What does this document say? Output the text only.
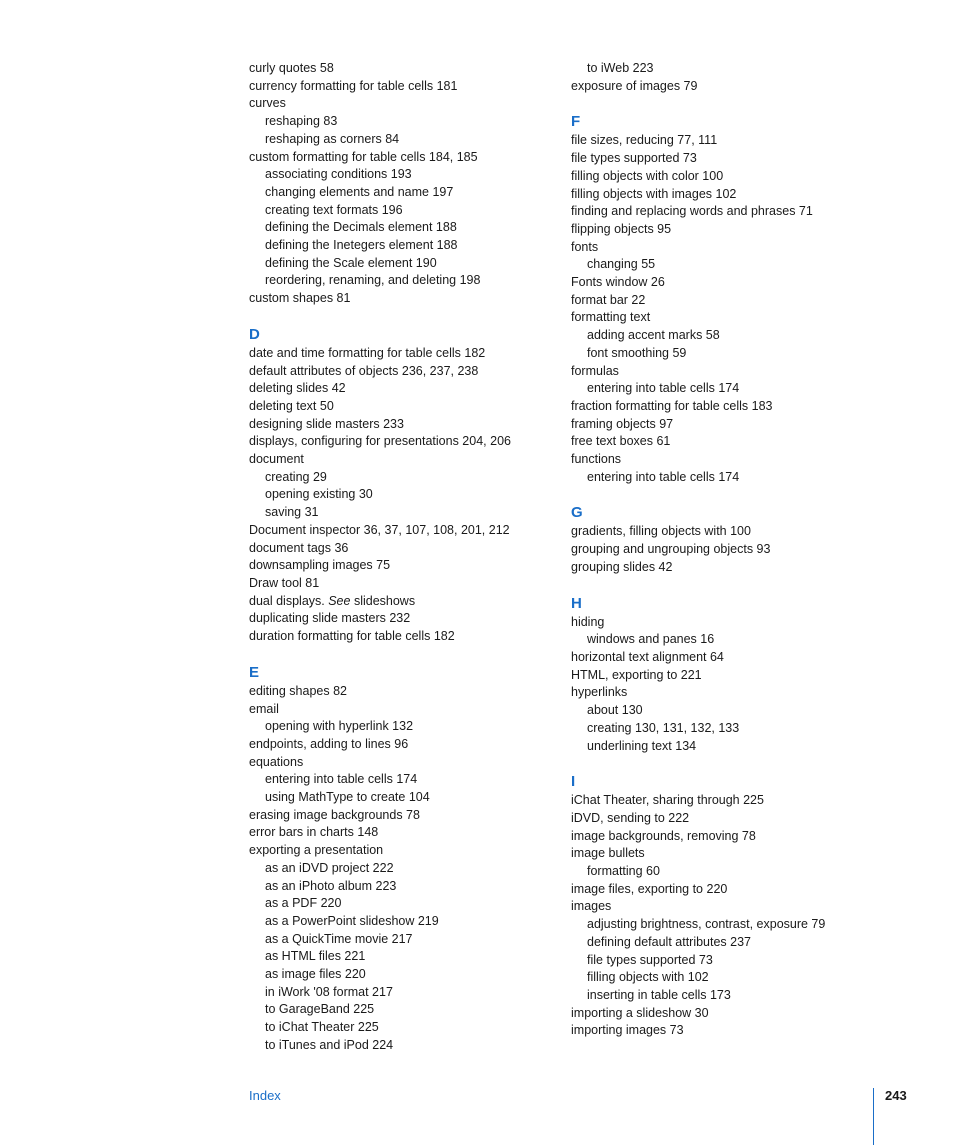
curly quotes 58
currency formatting for table cells 181
curves
reshaping 83
reshaping as corners 84
custom formatting for table cells 184, 185
associating conditions 193
changing elements and name 197
creating text formats 196
defining the Decimals element 188
defining the Inetegers element 188
defining the Scale element 190
reordering, renaming, and deleting 198
custom shapes 81
D
date and time formatting for table cells 182
default attributes of objects 236, 237, 238
deleting slides 42
deleting text 50
designing slide masters 233
displays, configuring for presentations 204, 206
document
creating 29
opening existing 30
saving 31
Document inspector 36, 37, 107, 108, 201, 212
document tags 36
downsampling images 75
Draw tool 81
dual displays. See slideshows
duplicating slide masters 232
duration formatting for table cells 182
E
editing shapes 82
email
opening with hyperlink 132
endpoints, adding to lines 96
equations
entering into table cells 174
using MathType to create 104
erasing image backgrounds 78
error bars in charts 148
exporting a presentation
as an iDVD project 222
as an iPhoto album 223
as a PDF 220
as a PowerPoint slideshow 219
as a QuickTime movie 217
as HTML files 221
as image files 220
in iWork '08 format 217
to GarageBand 225
to iChat Theater 225
to iTunes and iPod 224
to iWeb 223
exposure of images 79
F
file sizes, reducing 77, 111
file types supported 73
filling objects with color 100
filling objects with images 102
finding and replacing words and phrases 71
flipping objects 95
fonts
changing 55
Fonts window 26
format bar 22
formatting text
adding accent marks 58
font smoothing 59
formulas
entering into table cells 174
fraction formatting for table cells 183
framing objects 97
free text boxes 61
functions
entering into table cells 174
G
gradients, filling objects with 100
grouping and ungrouping objects 93
grouping slides 42
H
hiding
windows and panes 16
horizontal text alignment 64
HTML, exporting to 221
hyperlinks
about 130
creating 130, 131, 132, 133
underlining text 134
I
iChat Theater, sharing through 225
iDVD, sending to 222
image backgrounds, removing 78
image bullets
formatting 60
image files, exporting to 220
images
adjusting brightness, contrast, exposure 79
defining default attributes 237
file types supported 73
filling objects with 102
inserting in table cells 173
importing a slideshow 30
importing images 73
Index	243
